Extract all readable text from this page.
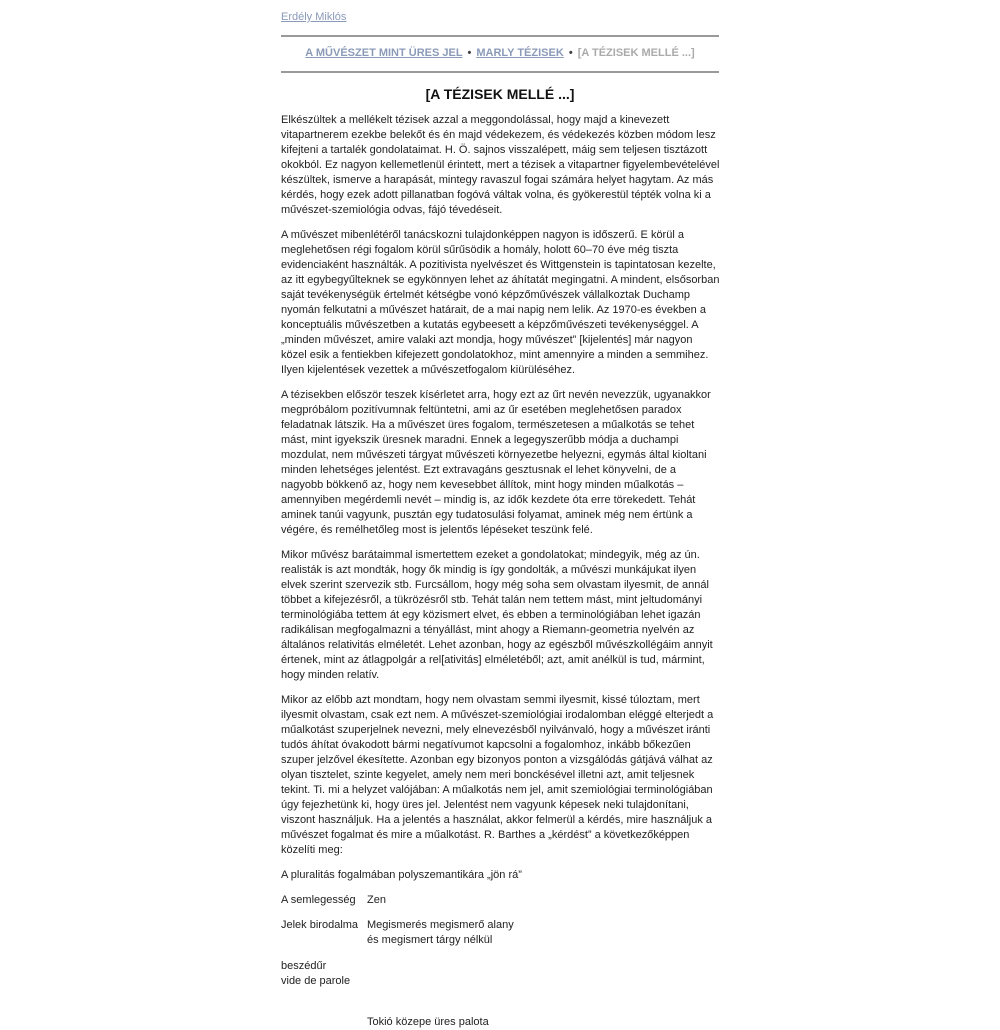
Erdély Miklós
A MŰVÉSZET MINT ÜRES JEL • MARLY TÉZISEK • [A TÉZISEK MELLÉ ...]
[A TÉZISEK MELLÉ ...]

Elkészültek a mellékelt tézisek azzal a meggondolással, hogy majd a kinevezett vitapartnerem ezekbe belekőt és én majd védekezem, és védekezés közben módom lesz kifejteni a tartalék gondolataimat. H. Ö. sajnos visszalépett, máig sem teljesen tisztázott okokból. Ez nagyon kellemetlenül érintett, mert a tézisek a vitapartner figyelembevételével készültek, ismerve a harapását, mintegy ravaszul fogai számára helyet hagytam. Az más kérdés, hogy ezek adott pillanatban fogóvá váltak volna, és gyökerestül tépték volna ki a művészet-szemiológia odvas, fájó tévedéseit.

A művészet mibenlétéről tanácskozni tulajdonképpen nagyon is időszerű. E körül a meglehetősen régi fogalom körül sűrűsödik a homály, holott 60–70 éve még tiszta evidenciaként használták. A pozitivista nyelvészet és Wittgenstein is tapintatosan kezelte, az itt egybegyűlteknek se egykönnyen lehet az áhítatát megingatni. A mindent, elsősorban saját tevékenységük értelmét kétségbe vonó képzőművészek vállalkoztak Duchamp nyomán felkutatni a művészet határait, de a mai napig nem lelik. Az 1970-es években a konceptuális művészetben a kutatás egybeesett a képzőművészeti tevékenységgel. A „minden művészet, amire valaki azt mondja, hogy művészet” [kijelentés] már nagyon közel esik a fentiekben kifejezett gondolatokhoz, mint amennyire a minden a semmihez. Ilyen kijelentések vezettek a művészetfogalom kiürüléséhez.

A tézisekben először teszek kísérletet arra, hogy ezt az űrt nevén nevezzük, ugyanakkor megpróbálom pozitívumnak feltüntetni, ami az űr esetében meglehetősen paradox feladatnak látszik. Ha a művészet üres fogalom, természetesen a műalkotás se tehet mást, mint igyekszik üresnek maradni. Ennek a legegyszerűbb módja a duchampi mozdulat, nem művészeti tárgyat művészeti környezetbe helyezni, egymás által kioltani minden lehetséges jelentést. Ezt extravagáns gesztusnak el lehet könyvelni, de a nagyobb bökkenő az, hogy nem kevesebbet állítok, mint hogy minden műalkotás – amennyiben megérdemli nevét – mindig is, az idők kezdete óta erre törekedett. Tehát aminek tanúi vagyunk, pusztán egy tudatosulási folyamat, aminek még nem értünk a végére, és remélhetőleg most is jelentős lépéseket teszünk felé.

Mikor művész barátaimmal ismertettem ezeket a gondolatokat; mindegyik, még az ún. realisták is azt mondták, hogy ők mindig is így gondolták, a művészi munkájukat ilyen elvek szerint szervezik stb. Furcsállom, hogy még soha sem olvastam ilyesmit, de annál többet a kifejezésről, a tükrözésről stb. Tehát talán nem tettem mást, mint jeltudományi terminológiába tettem át egy közismert elvet, és ebben a terminológiában lehet igazán radikálisan megfogalmazni a tényállást, mint ahogy a Riemann-geometria nyelvén az általános relativitás elméletét. Lehet azonban, hogy az egészből művészkollégáim annyit értenek, mint az átlagpolgár a rel[ativitás] elméletéből; azt, amit anélkül is tud, mármint, hogy minden relatív.

Mikor az előbb azt mondtam, hogy nem olvastam semmi ilyesmit, kissé túloztam, mert ilyesmit olvastam, csak ezt nem. A művészet-szemiológiai irodalomban eléggé elterjedt a műalkotást szuperjelnek nevezni, mely elnevezésből nyilvánvaló, hogy a művészet iránti tudós áhítat óvakodott bármi negatívumot kapcsolni a fogalomhoz, inkább bőkezűen szuper jelzővel ékesítette. Azonban egy bizonyos ponton a vizsgálódás gátjává válhat az olyan tisztelet, szinte kegyelet, amely nem meri bonckésével illetni azt, amit teljesnek tekint. Ti. mi a helyzet valójában: A műalkotás nem jel, amit szemiológiai terminológiában úgy fejezhetünk ki, hogy üres jel. Jelentést nem vagyunk képesek neki tulajdonítani, viszont használjuk. Ha a jelentés a használat, akkor felmerül a kérdés, mire használjuk a művészet fogalmat és mire a műalkotást. R. Barthes a „kérdést” a következőképpen közelíti meg:

A pluralitás fogalmában polyszemantikára „jön rá”
A semlegesség	Zen
Jelek birodalma Megismerés megismerő alany
és megismert tárgy nélkül
beszédűr
vide de parole
Tokió közepe üres palota
